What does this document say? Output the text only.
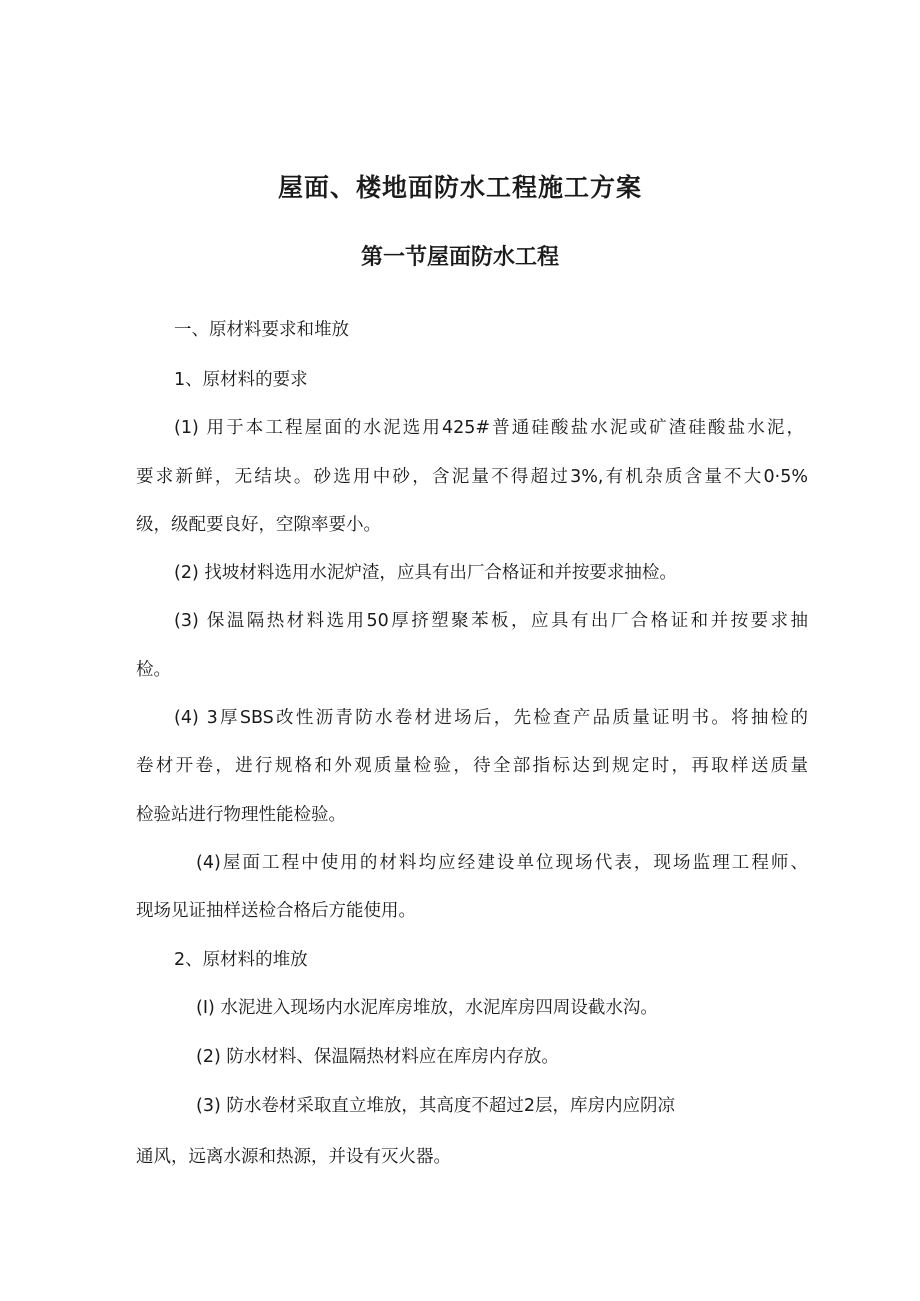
屋面、楼地面防水工程施工方案
第一节屋面防水工程
一、原材料要求和堆放
1、原材料的要求
(1) 用于本工程屋面的水泥选用425#普通硅酸盐水泥或矿渣硅酸盐水泥，
要求新鲜，无结块。砂选用中砂，含泥量不得超过3%,有机杂质含量不大0·5%
级，级配要良好，空隙率要小。
(2) 找坡材料选用水泥炉渣，应具有出厂合格证和并按要求抽检。
(3) 保温隔热材料选用50厚挤塑聚苯板，应具有出厂合格证和并按要求抽
检。
(4) 3厚SBS改性沥青防水卷材进场后，先检查产品质量证明书。将抽检的
卷材开卷，进行规格和外观质量检验，待全部指标达到规定时，再取样送质量
检验站进行物理性能检验。
(4)屋面工程中使用的材料均应经建设单位现场代表，现场监理工程师、
现场见证抽样送检合格后方能使用。
2、原材料的堆放
(I) 水泥进入现场内水泥库房堆放，水泥库房四周设截水沟。
(2) 防水材料、保温隔热材料应在库房内存放。
(3) 防水卷材采取直立堆放，其高度不超过2层，库房内应阴凉
通风，远离水源和热源，并设有灭火器。
